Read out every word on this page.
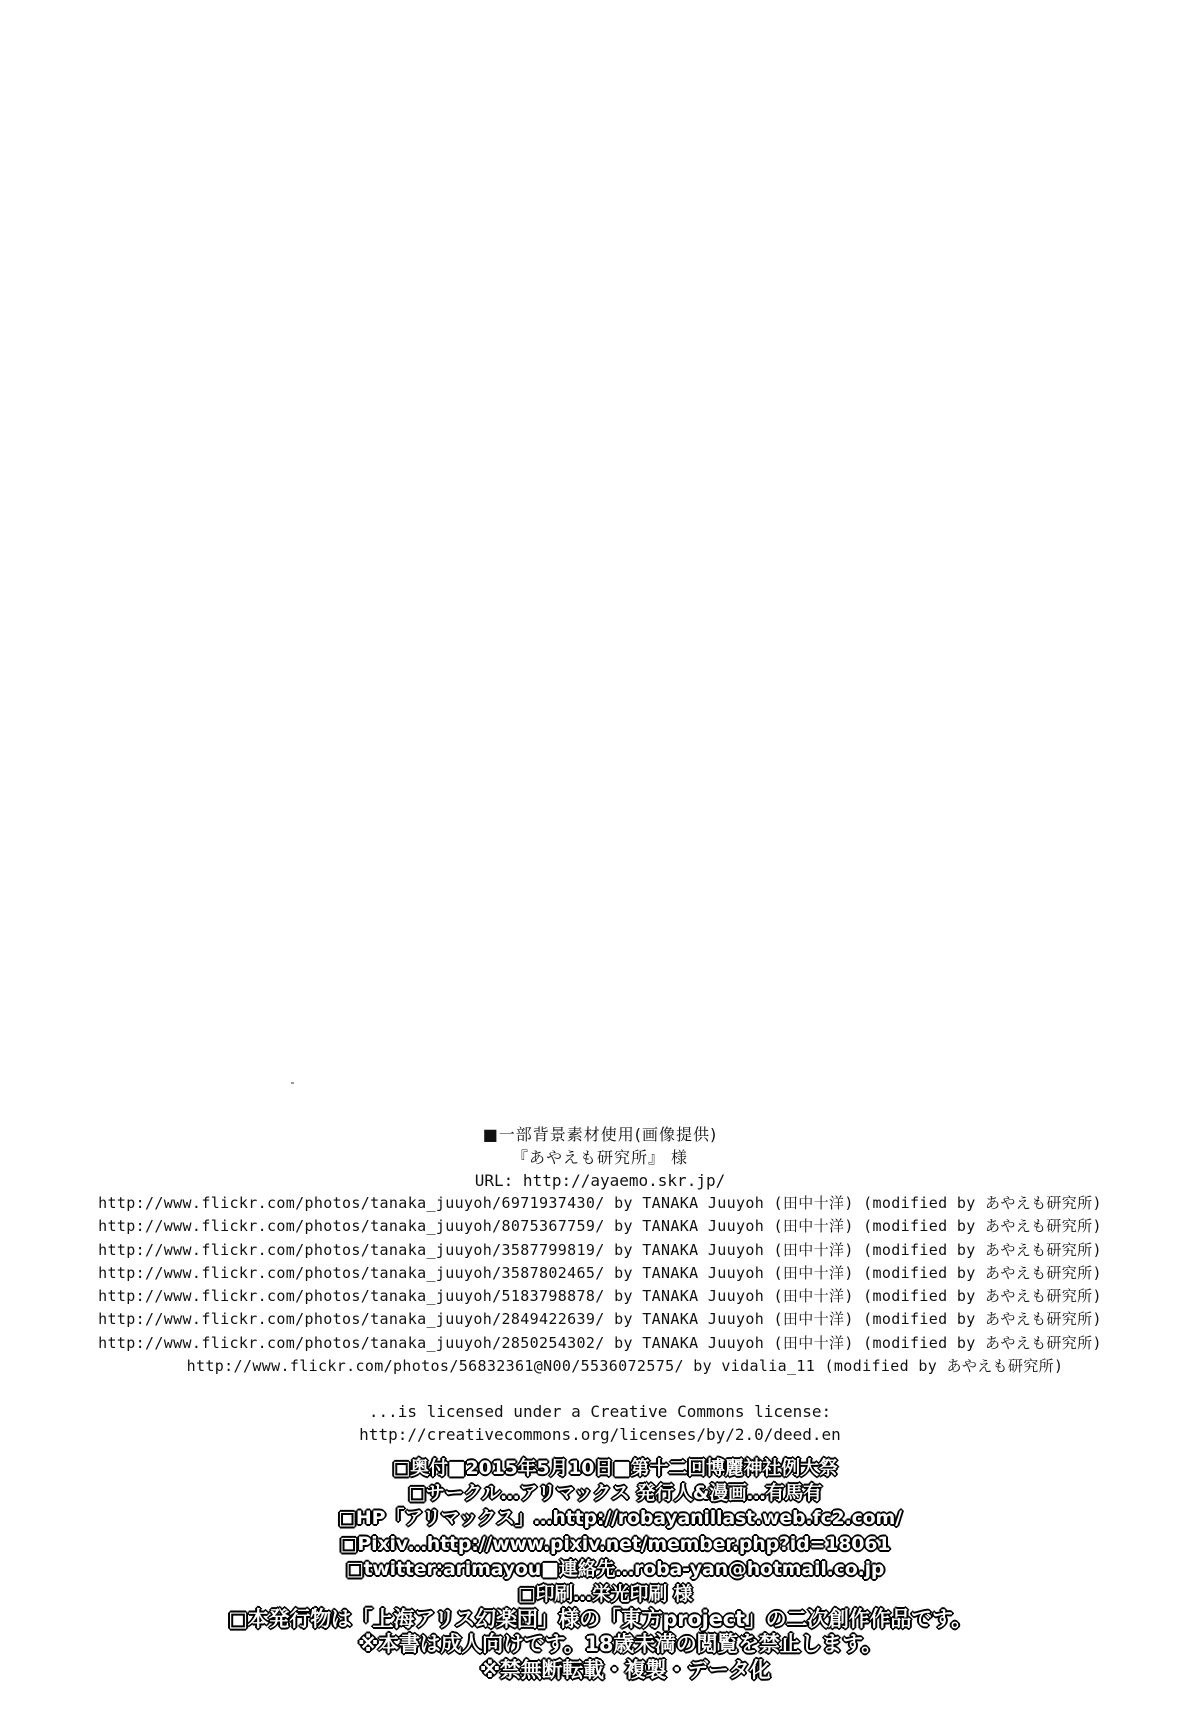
■一部背景素材使用(画像提供)
『あやえも研究所』 様
URL: http://ayaemo.skr.jp/
http://www.flickr.com/photos/tanaka_juuyoh/6971937430/ by TANAKA Juuyoh (田中十洋) (modified by あやえも研究所)
http://www.flickr.com/photos/tanaka_juuyoh/8075367759/ by TANAKA Juuyoh (田中十洋) (modified by あやえも研究所)
http://www.flickr.com/photos/tanaka_juuyoh/3587799819/ by TANAKA Juuyoh (田中十洋) (modified by あやえも研究所)
http://www.flickr.com/photos/tanaka_juuyoh/3587802465/ by TANAKA Juuyoh (田中十洋) (modified by あやえも研究所)
http://www.flickr.com/photos/tanaka_juuyoh/5183798878/ by TANAKA Juuyoh (田中十洋) (modified by あやえも研究所)
http://www.flickr.com/photos/tanaka_juuyoh/2849422639/ by TANAKA Juuyoh (田中十洋) (modified by あやえも研究所)
http://www.flickr.com/photos/tanaka_juuyoh/2850254302/ by TANAKA Juuyoh (田中十洋) (modified by あやえも研究所)
http://www.flickr.com/photos/56832361@N00/5536072575/ by vidalia_11 (modified by あやえも研究所)
...is licensed under a Creative Commons license:
http://creativecommons.org/licenses/by/2.0/deed.en
□奥付■2015年5月10日■第十二回博麗神社例大祭
□サークル…アリマックス 発行人&漫画…有馬有
□HP「アリマックス」…http://robayanillast.web.fc2.com/
□Pixiv…http://www.pixiv.net/member.php?id=18061
□twitter:arimayou■連絡先…roba-yan@hotmail.co.jp
□印刷…栄光印刷 様
□本発行物は「上海アリス幻楽団」様の「東方project」の二次創作作品です。
※本書は成人向けです。18歳未満の閲覧を禁止します。
※禁無断転載・複製・データ化
